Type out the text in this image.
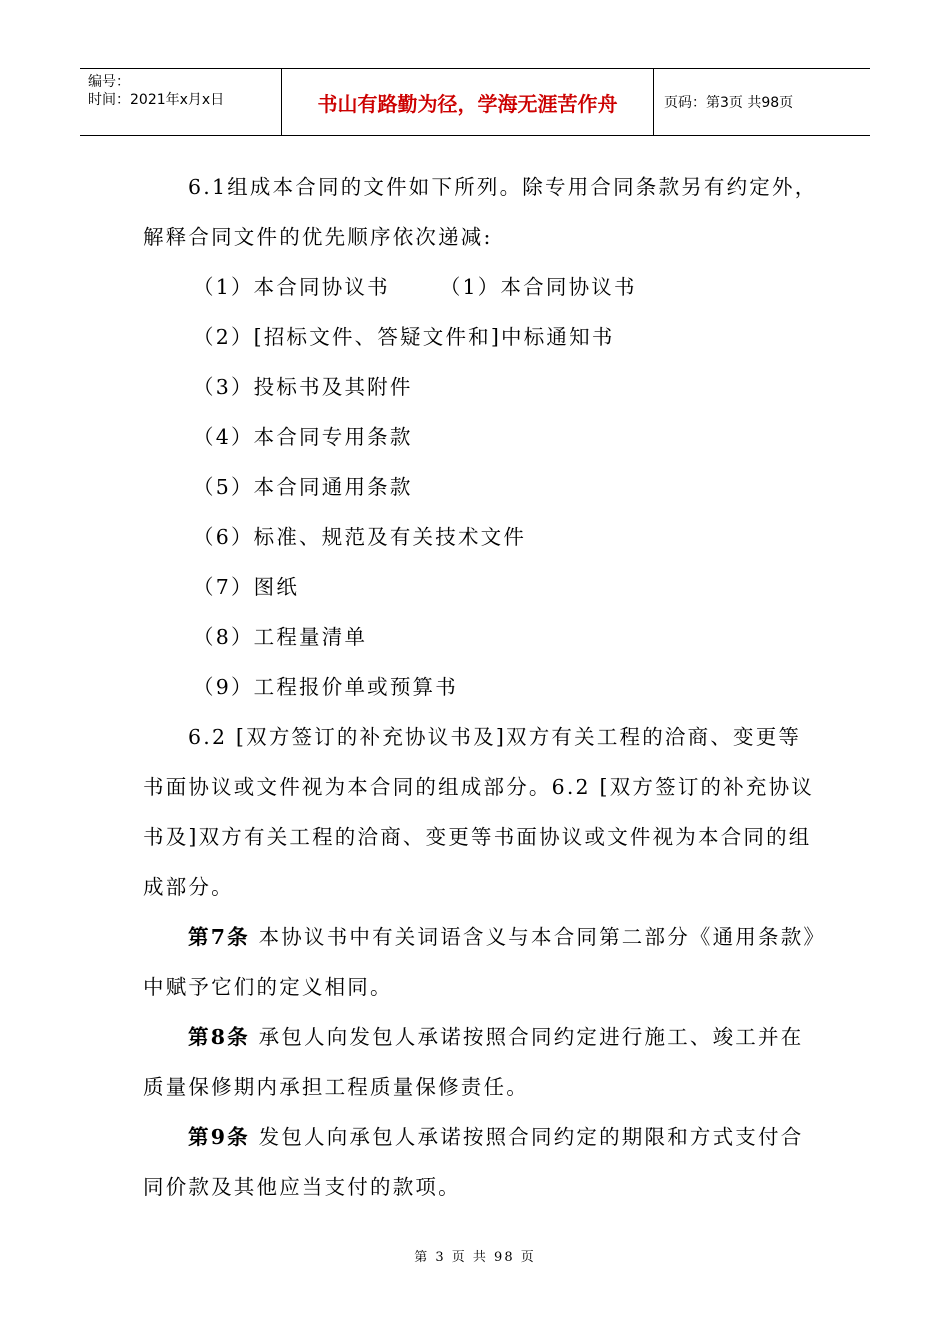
编号：
时间：2021年x月x日	书山有路勤为径，学海无涯苦作舟	页码：第3页 共98页

6.1组成本合同的文件如下所列。除专用合同条款另有约定外，

解释合同文件的优先顺序依次递减:

（1）本合同协议书 （1）本合同协议书

（2）[招标文件、答疑文件和]中标通知书

（3）投标书及其附件

（4）本合同专用条款

（5）本合同通用条款

（6）标准、规范及有关技术文件

（7）图纸

（8）工程量清单

（9）工程报价单或预算书

6.2 [双方签订的补充协议书及]双方有关工程的洽商、变更等书面协议或文件视为本合同的组成部分。6.2 [双方签订的补充协议书及]双方有关工程的洽商、变更等书面协议或文件视为本合同的组成部分。

第7条 本协议书中有关词语含义与本合同第二部分《通用条款》中赋予它们的定义相同。

第8条 承包人向发包人承诺按照合同约定进行施工、竣工并在质量保修期内承担工程质量保修责任。

第9条 发包人向承包人承诺按照合同约定的期限和方式支付合同价款及其他应当支付的款项。

第 3 页 共 98 页
